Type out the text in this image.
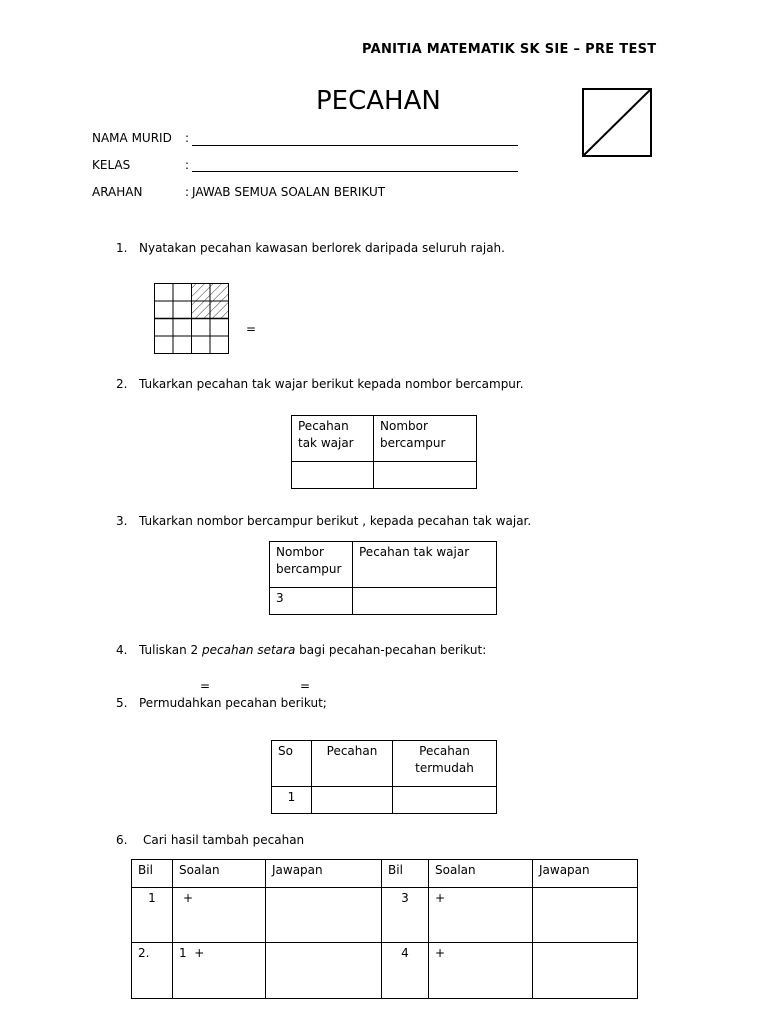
PANITIA MATEMATIK SK SIE – PRE TEST
PECAHAN
NAMA MURID :
KELAS	:
ARAHAN	: JAWAB SEMUA SOALAN BERIKUT
1. Nyatakan pecahan kawasan berlorek daripada seluruh rajah.
=
2. Tukarkan pecahan tak wajar berikut kepada nombor bercampur.
Pecahan
tak wajar	Nombor
bercampur

3. Tukarkan nombor bercampur berikut , kepada pecahan tak wajar.
Nombor
bercampur	Pecahan tak wajar
3	
4. Tuliskan 2 pecahan setara bagi pecahan-pecahan berikut:
=	=
5. Permudahkan pecahan berikut;
So	Pecahan	Pecahan
termudah
1		
6. Cari hasil tambah pecahan
Bil	Soalan	Jawapan	Bil	Soalan	Jawapan
1	+		3	+	
2.	1  +		4	+	
